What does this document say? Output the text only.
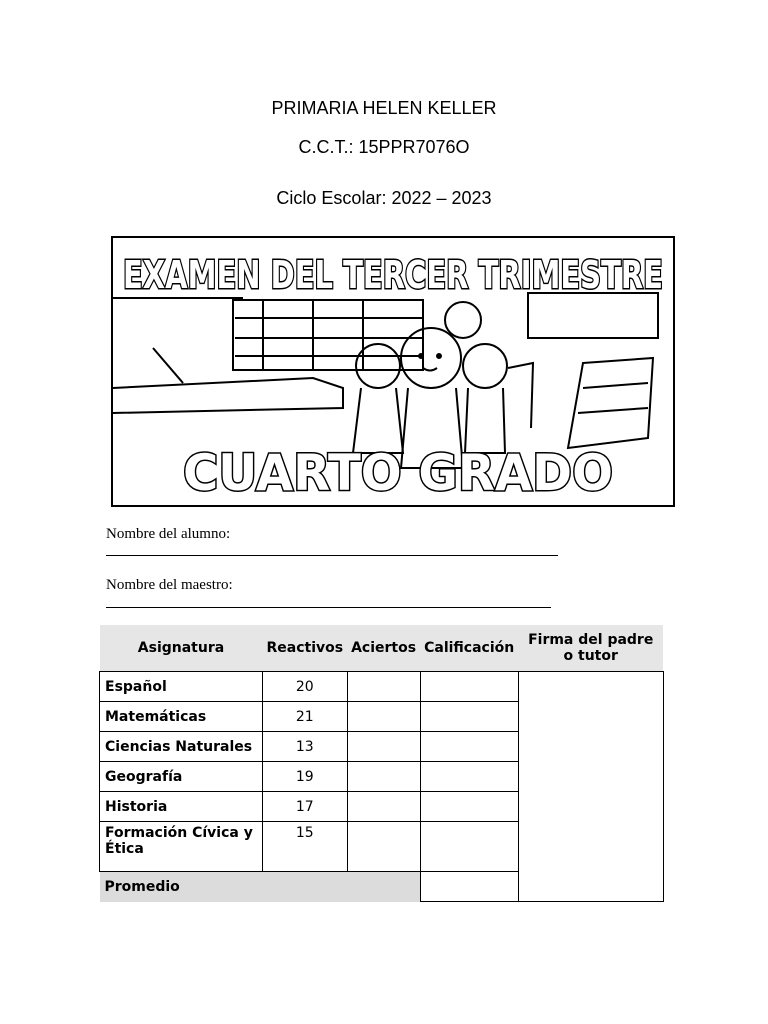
PRIMARIA HELEN KELLER
C.C.T.: 15PPR7076O
Ciclo Escolar: 2022 – 2023
EXAMEN DEL TERCER TRIMESTRE
CUARTO GRADO
Nombre del alumno:
Nombre del maestro:
Asignatura	Reactivos	Aciertos	Calificación	Firma del padre o tutor
Español	20			
Matemáticas	21			
Ciencias Naturales	13			
Geografía	19			
Historia	17			
Formación Cívica y Ética	15			
Promedio				
